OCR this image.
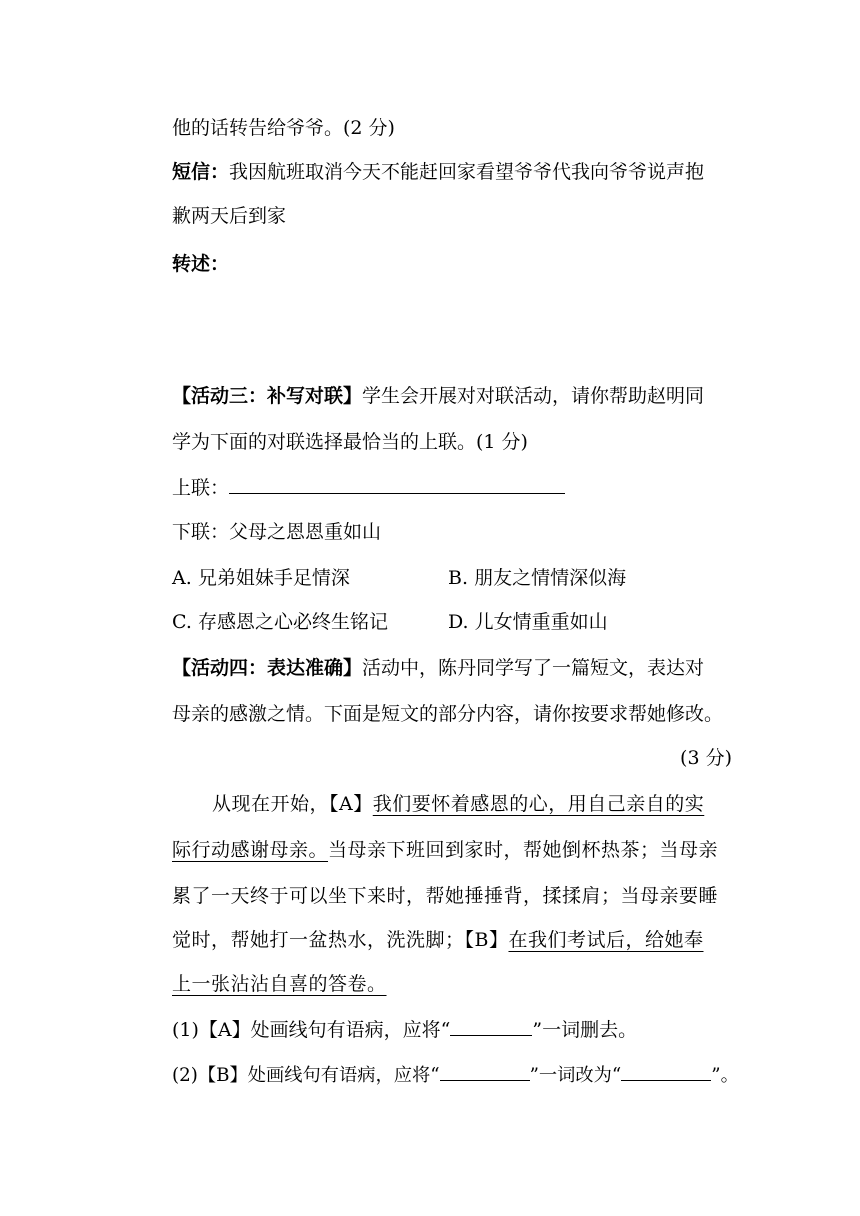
他的话转告给爷爷。(2 分)
短信：我因航班取消今天不能赶回家看望爷爷代我向爷爷说声抱
歉两天后到家
转述：
【活动三：补写对联】学生会开展对对联活动，请你帮助赵明同
学为下面的对联选择最恰当的上联。(1 分)
上联：
下联：父母之恩恩重如山
A. 兄弟姐妹手足情深	B. 朋友之情情深似海
C. 存感恩之心必终生铭记	D. 儿女情重重如山
【活动四：表达准确】活动中，陈丹同学写了一篇短文，表达对
母亲的感激之情。下面是短文的部分内容，请你按要求帮她修改。
(3 分)
从现在开始，【A】我们要怀着感恩的心，用自己亲自的实
际行动感谢母亲。当母亲下班回到家时，帮她倒杯热茶；当母亲
累了一天终于可以坐下来时，帮她捶捶背，揉揉肩；当母亲要睡
觉时，帮她打一盆热水，洗洗脚；【B】在我们考试后，给她奉
上一张沾沾自喜的答卷。
(1)【A】处画线句有语病，应将“	”一词删去。
(2)【B】处画线句有语病，应将“	”一词改为“	”。
